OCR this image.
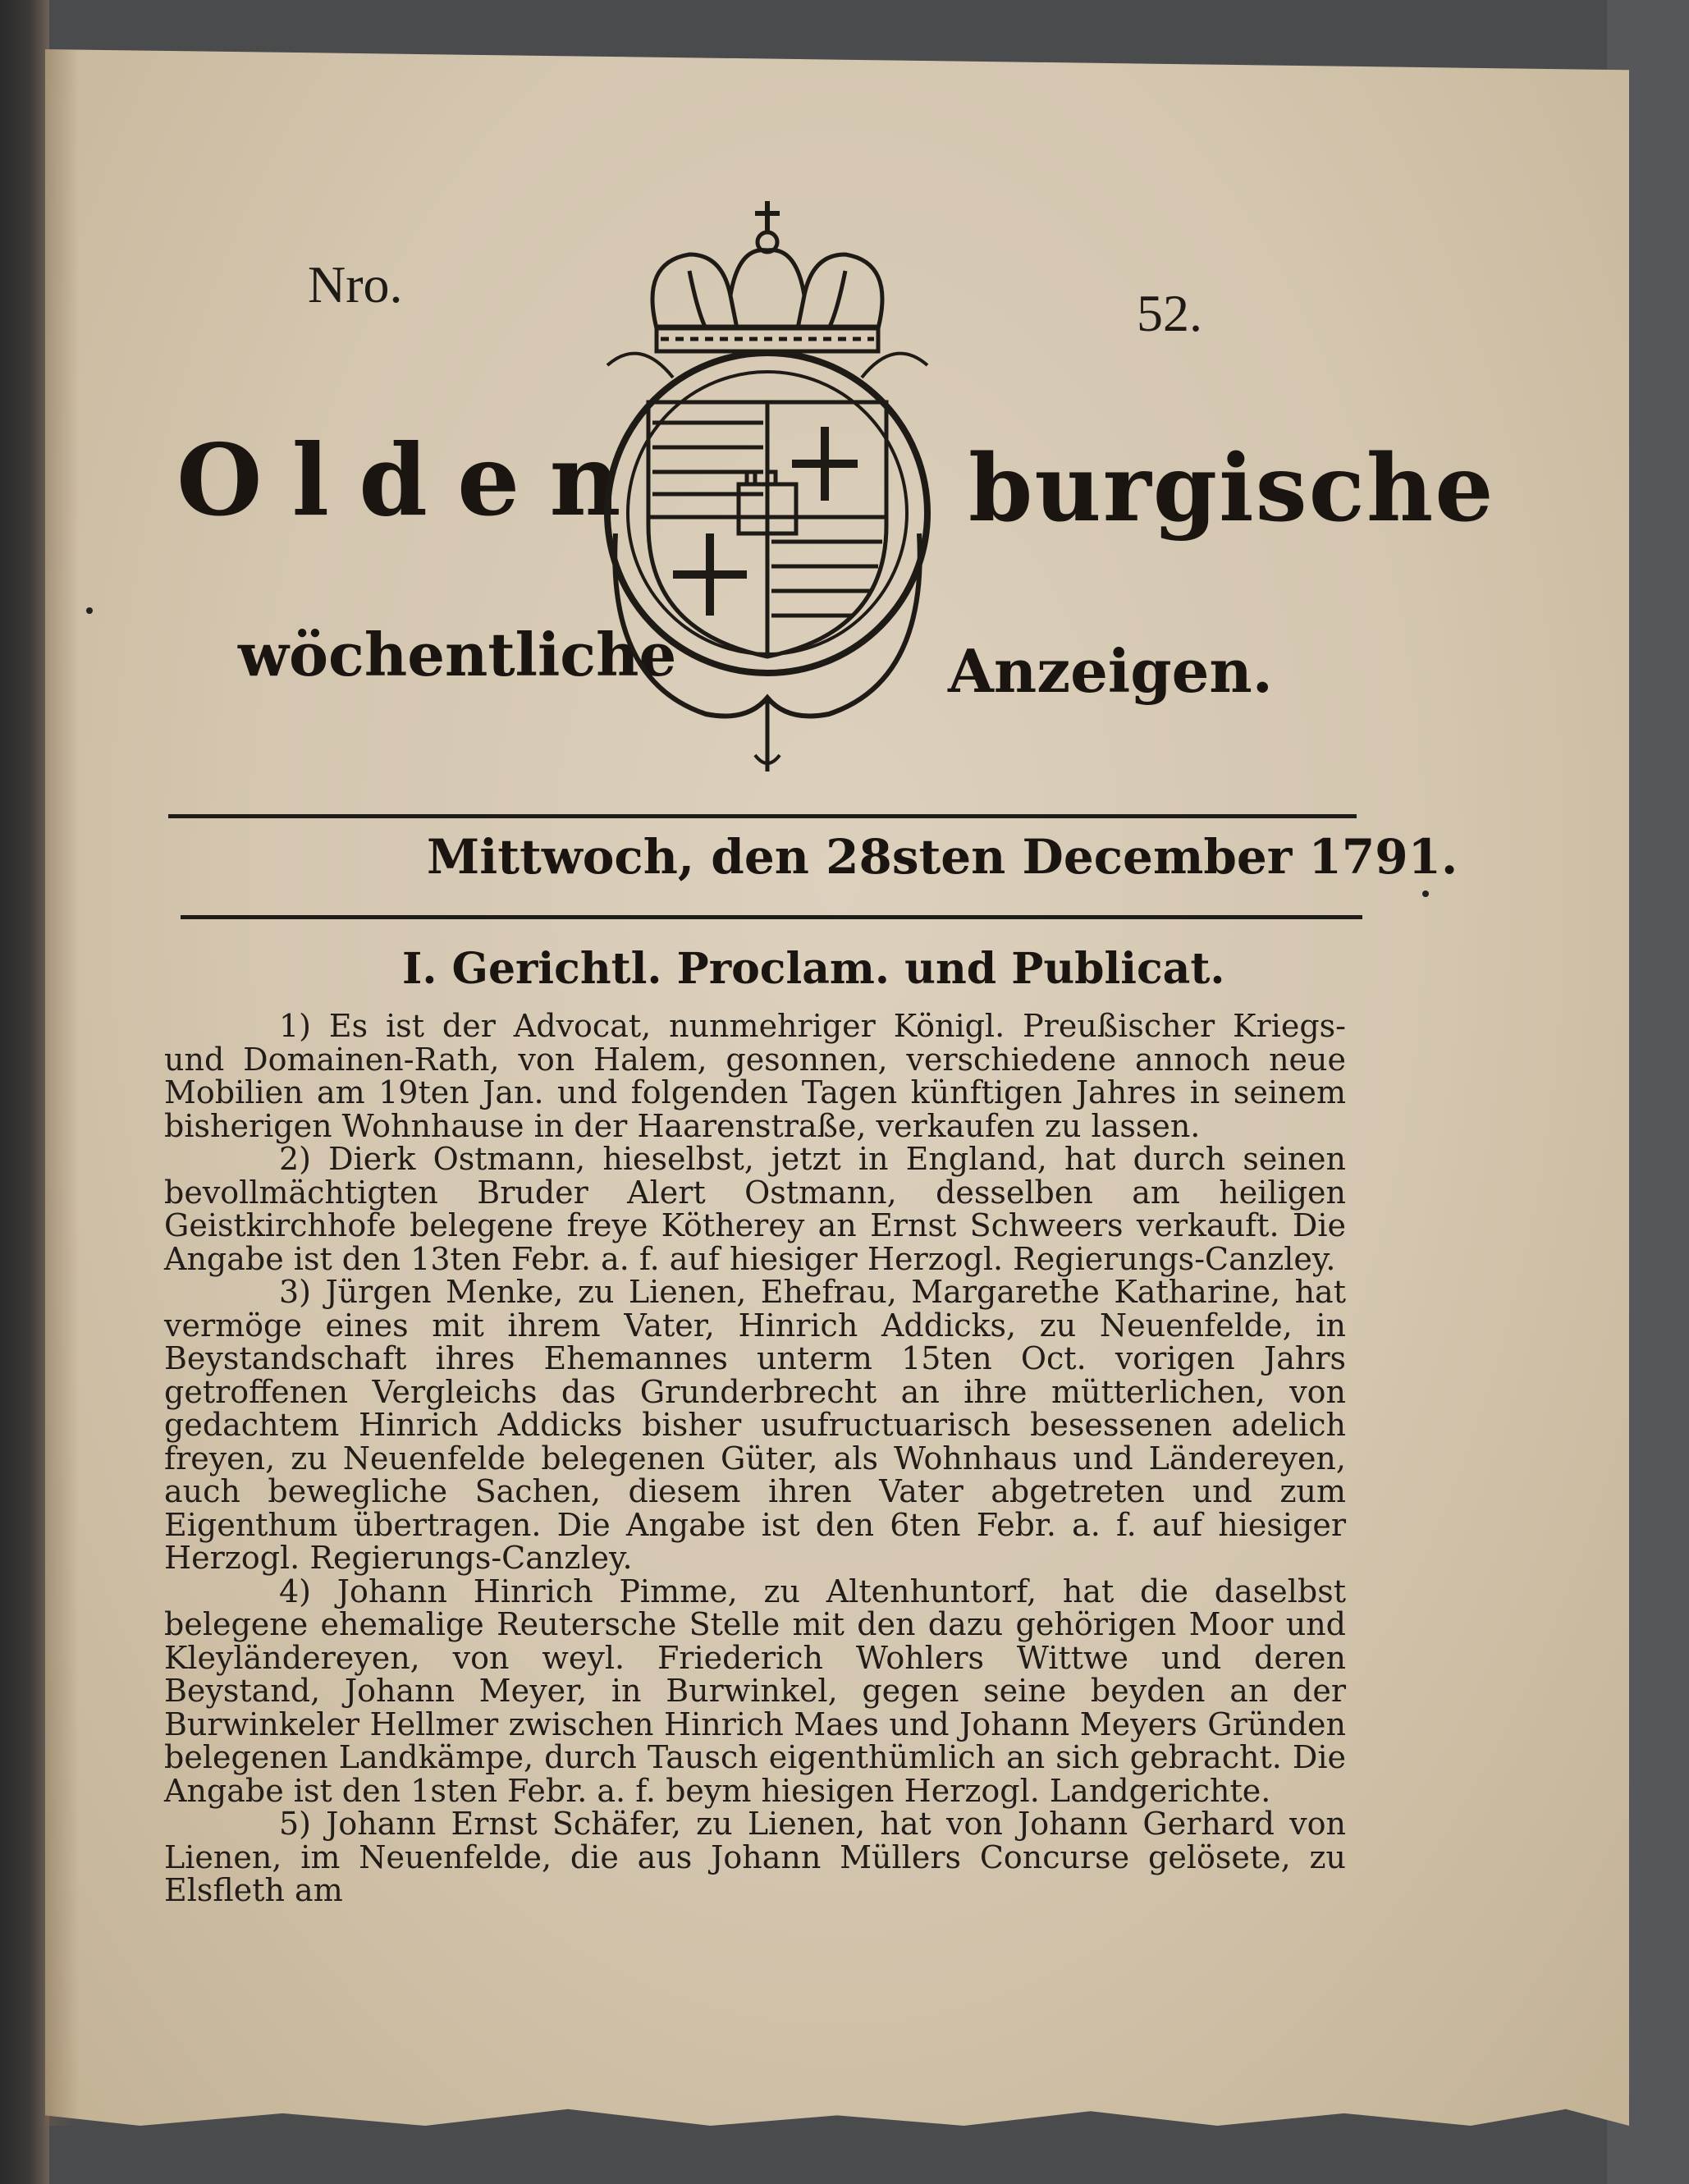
Nro.	52.
Olden	burgische
wöchentliche	Anzeigen.
Mittwoch, den 28sten December 1791.
I. Gerichtl. Proclam. und Publicat.

1) Es ist der Advocat, nunmehriger Königl. Preußischer Kriegs- und Domainen-Rath, von Halem, gesonnen, verschiedene annoch neue Mobilien am 19ten Jan. und folgenden Tagen künftigen Jahres in seinem bisherigen Wohnhause in der Haarenstraße, verkaufen zu lassen.

2) Dierk Ostmann, hieselbst, jetzt in England, hat durch seinen bevollmächtigten Bruder Alert Ostmann, desselben am heiligen Geistkirchhofe belegene freye Kötherey an Ernst Schweers verkauft. Die Angabe ist den 13ten Febr. a. f. auf hiesiger Herzogl. Regierungs-Canzley.

3) Jürgen Menke, zu Lienen, Ehefrau, Margarethe Katharine, hat vermöge eines mit ihrem Vater, Hinrich Addicks, zu Neuenfelde, in Beystandschaft ihres Ehemannes unterm 15ten Oct. vorigen Jahrs getroffenen Vergleichs das Grunderbrecht an ihre mütterlichen, von gedachtem Hinrich Addicks bisher usufructuarisch besessenen adelich freyen, zu Neuenfelde belegenen Güter, als Wohnhaus und Ländereyen, auch bewegliche Sachen, diesem ihren Vater abgetreten und zum Eigenthum übertragen. Die Angabe ist den 6ten Febr. a. f. auf hiesiger Herzogl. Regierungs-Canzley.

4) Johann Hinrich Pimme, zu Altenhuntorf, hat die daselbst belegene ehemalige Reutersche Stelle mit den dazu gehörigen Moor und Kleyländereyen, von weyl. Friederich Wohlers Wittwe und deren Beystand, Johann Meyer, in Burwinkel, gegen seine beyden an der Burwinkeler Hellmer zwischen Hinrich Maes und Johann Meyers Gründen belegenen Landkämpe, durch Tausch eigenthümlich an sich gebracht. Die Angabe ist den 1sten Febr. a. f. beym hiesigen Herzogl. Landgerichte.

5) Johann Ernst Schäfer, zu Lienen, hat von Johann Gerhard von Lienen, im Neuenfelde, die aus Johann Müllers Concurse gelösete, zu Elsfleth am
